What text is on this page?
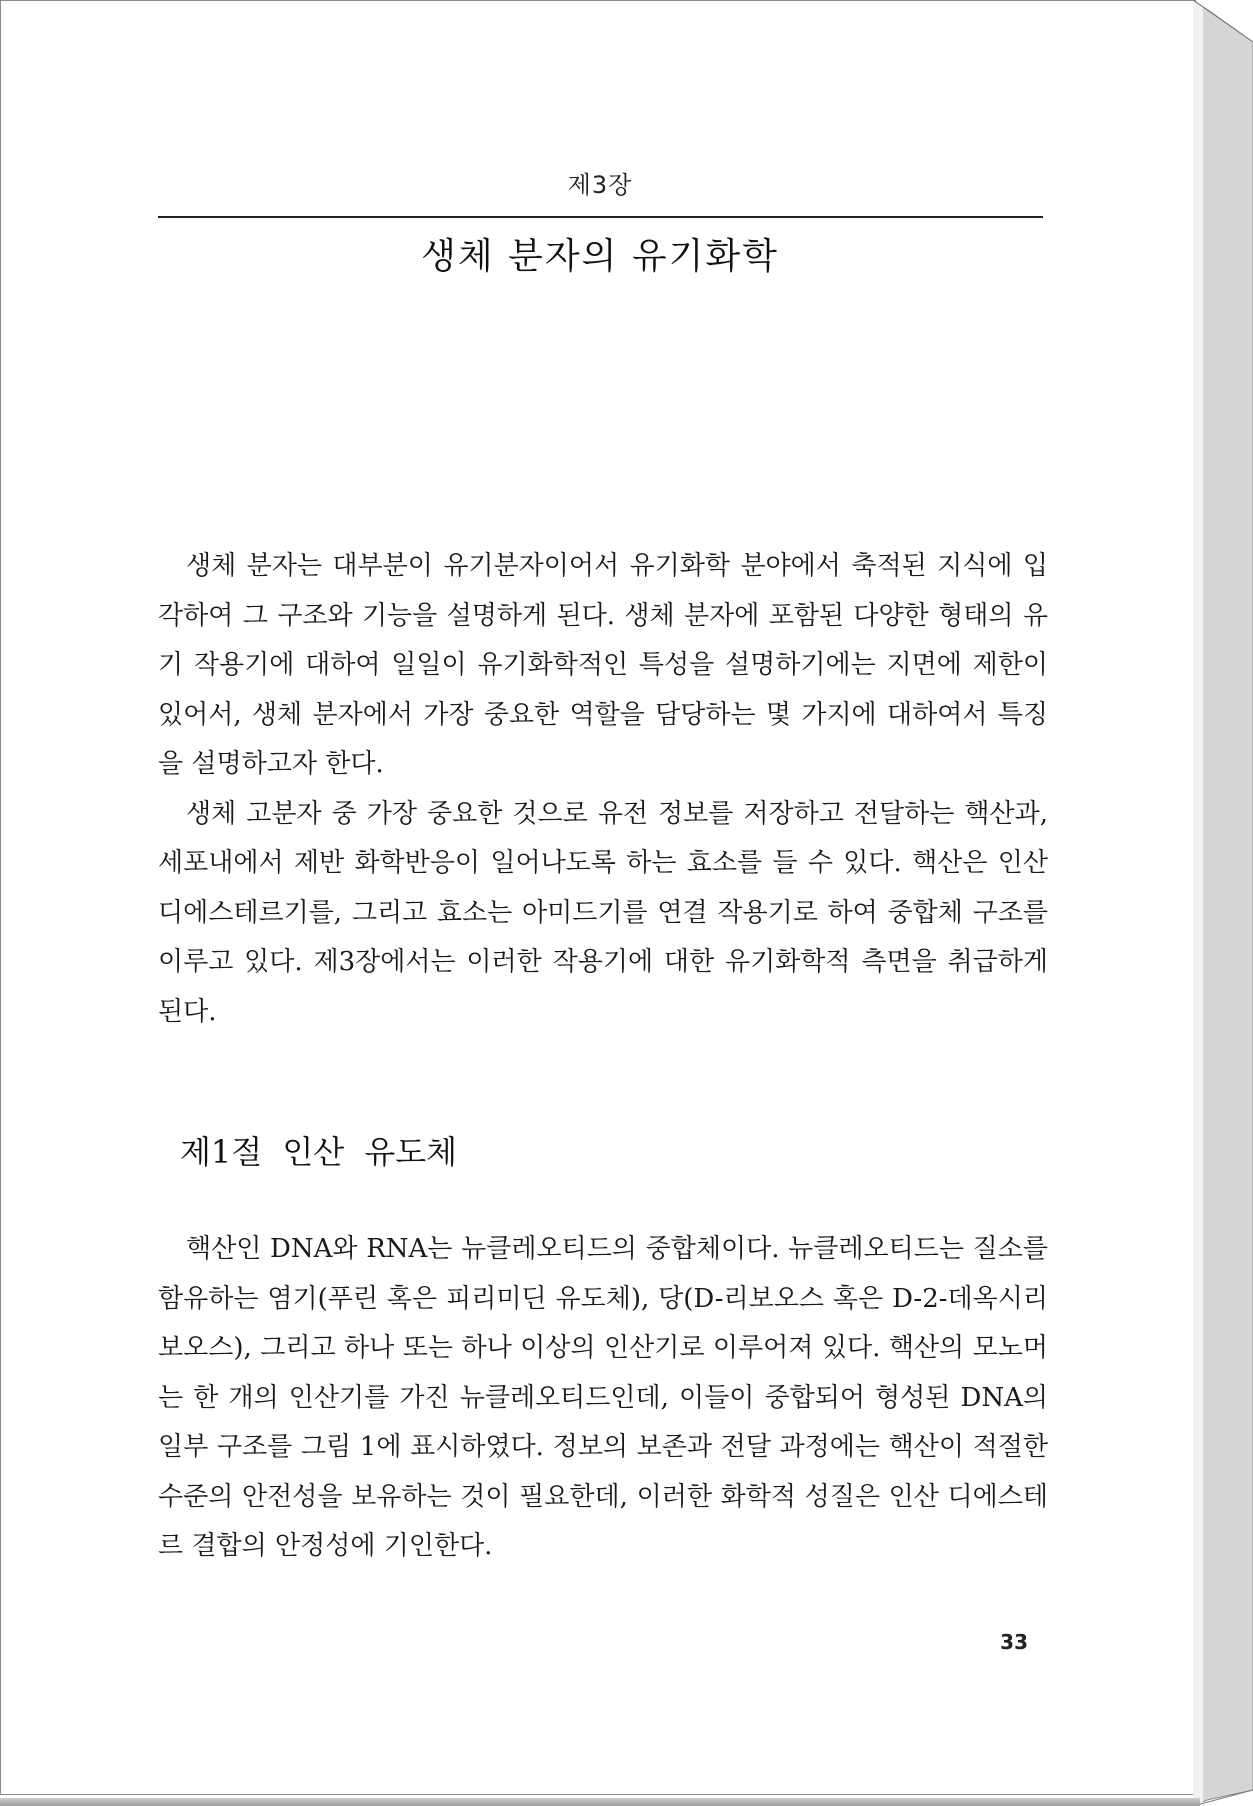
제3장
생체 분자의 유기화학

생체 분자는 대부분이 유기분자이어서 유기화학 분야에서 축적된 지식에 입각하여 그 구조와 기능을 설명하게 된다. 생체 분자에 포함된 다양한 형태의 유기 작용기에 대하여 일일이 유기화학적인 특성을 설명하기에는 지면에 제한이 있어서, 생체 분자에서 가장 중요한 역할을 담당하는 몇 가지에 대하여서 특징을 설명하고자 한다.

생체 고분자 중 가장 중요한 것으로 유전 정보를 저장하고 전달하는 핵산과, 세포내에서 제반 화학반응이 일어나도록 하는 효소를 들 수 있다. 핵산은 인산 디에스테르기를, 그리고 효소는 아미드기를 연결 작용기로 하여 중합체 구조를 이루고 있다. 제3장에서는 이러한 작용기에 대한 유기화학적 측면을 취급하게 된다.

제1절 인산 유도체

핵산인 DNA와 RNA는 뉴클레오티드의 중합체이다. 뉴클레오티드는 질소를 함유하는 염기(푸린 혹은 피리미딘 유도체), 당(D-리보오스 혹은 D-2-데옥시리보오스), 그리고 하나 또는 하나 이상의 인산기로 이루어져 있다. 핵산의 모노머는 한 개의 인산기를 가진 뉴클레오티드인데, 이들이 중합되어 형성된 DNA의 일부 구조를 그림 1에 표시하였다. 정보의 보존과 전달 과정에는 핵산이 적절한 수준의 안전성을 보유하는 것이 필요한데, 이러한 화학적 성질은 인산 디에스테르 결합의 안정성에 기인한다.

33
